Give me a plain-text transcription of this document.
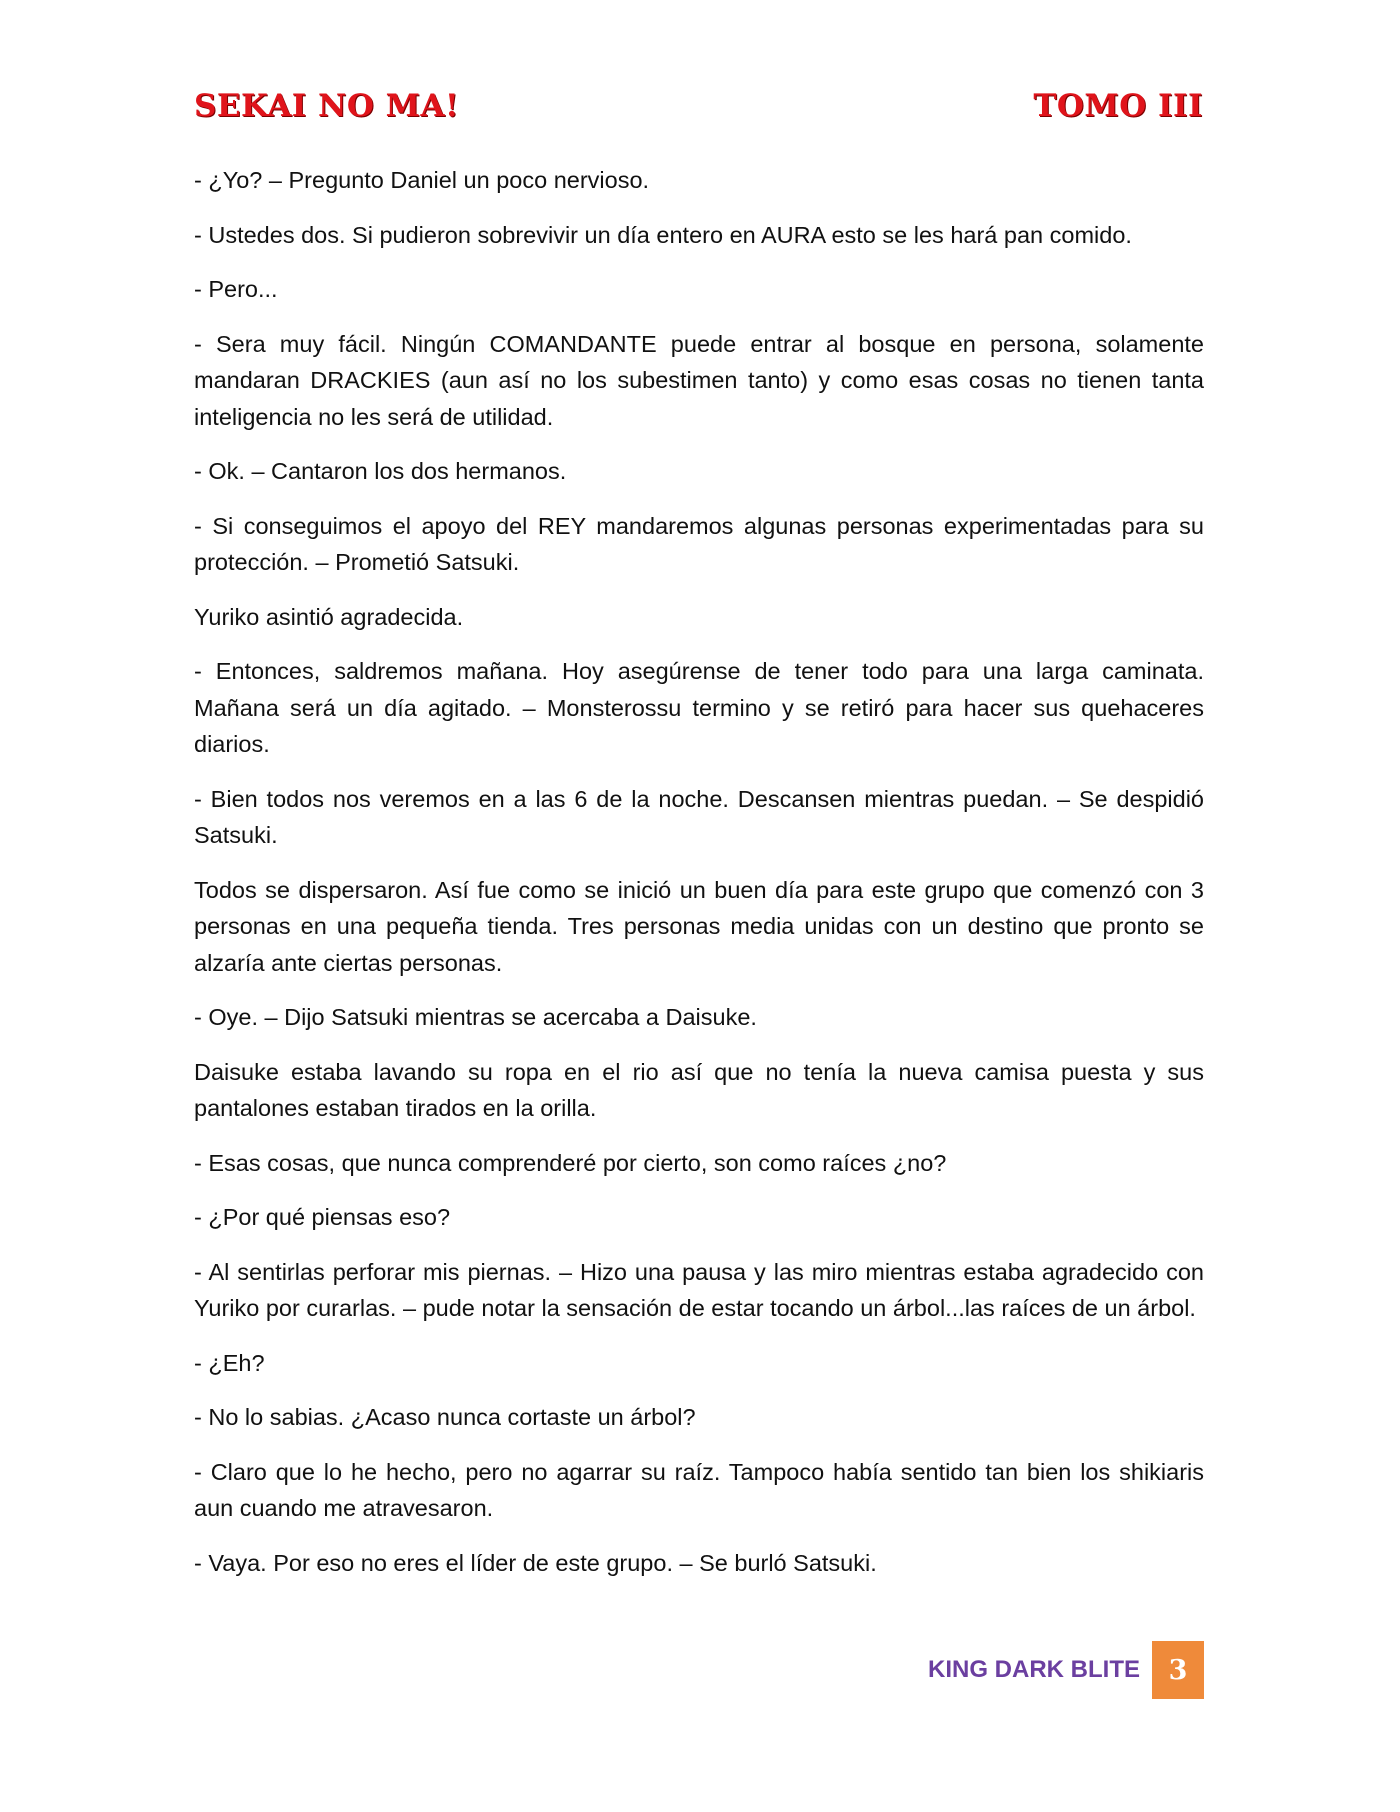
SEKAI NO MA!	TOMO III

- ¿Yo? – Pregunto Daniel un poco nervioso.

- Ustedes dos. Si pudieron sobrevivir un día entero en AURA esto se les hará pan comido.

- Pero...

- Sera muy fácil. Ningún COMANDANTE puede entrar al bosque en persona, solamente mandaran DRACKIES (aun así no los subestimen tanto) y como esas cosas no tienen tanta inteligencia no les será de utilidad.

- Ok. – Cantaron los dos hermanos.

- Si conseguimos el apoyo del REY mandaremos algunas personas experimentadas para su protección. – Prometió Satsuki.

Yuriko asintió agradecida.

- Entonces, saldremos mañana. Hoy asegúrense de tener todo para una larga caminata. Mañana será un día agitado. – Monsterossu termino y se retiró para hacer sus quehaceres diarios.

- Bien todos nos veremos en a las 6 de la noche. Descansen mientras puedan. – Se despidió Satsuki.

Todos se dispersaron. Así fue como se inició un buen día para este grupo que comenzó con 3 personas en una pequeña tienda. Tres personas media unidas con un destino que pronto se alzaría ante ciertas personas.

- Oye. – Dijo Satsuki mientras se acercaba a Daisuke.

Daisuke estaba lavando su ropa en el rio así que no tenía la nueva camisa puesta y sus pantalones estaban tirados en la orilla.

- Esas cosas, que nunca comprenderé por cierto, son como raíces ¿no?

- ¿Por qué piensas eso?

- Al sentirlas perforar mis piernas. – Hizo una pausa y las miro mientras estaba agradecido con Yuriko por curarlas. – pude notar la sensación de estar tocando un árbol...las raíces de un árbol.

- ¿Eh?

- No lo sabias. ¿Acaso nunca cortaste un árbol?

- Claro que lo he hecho, pero no agarrar su raíz. Tampoco había sentido tan bien los shikiaris aun cuando me atravesaron.

- Vaya. Por eso no eres el líder de este grupo. – Se burló Satsuki.

KING DARK BLITE	3
